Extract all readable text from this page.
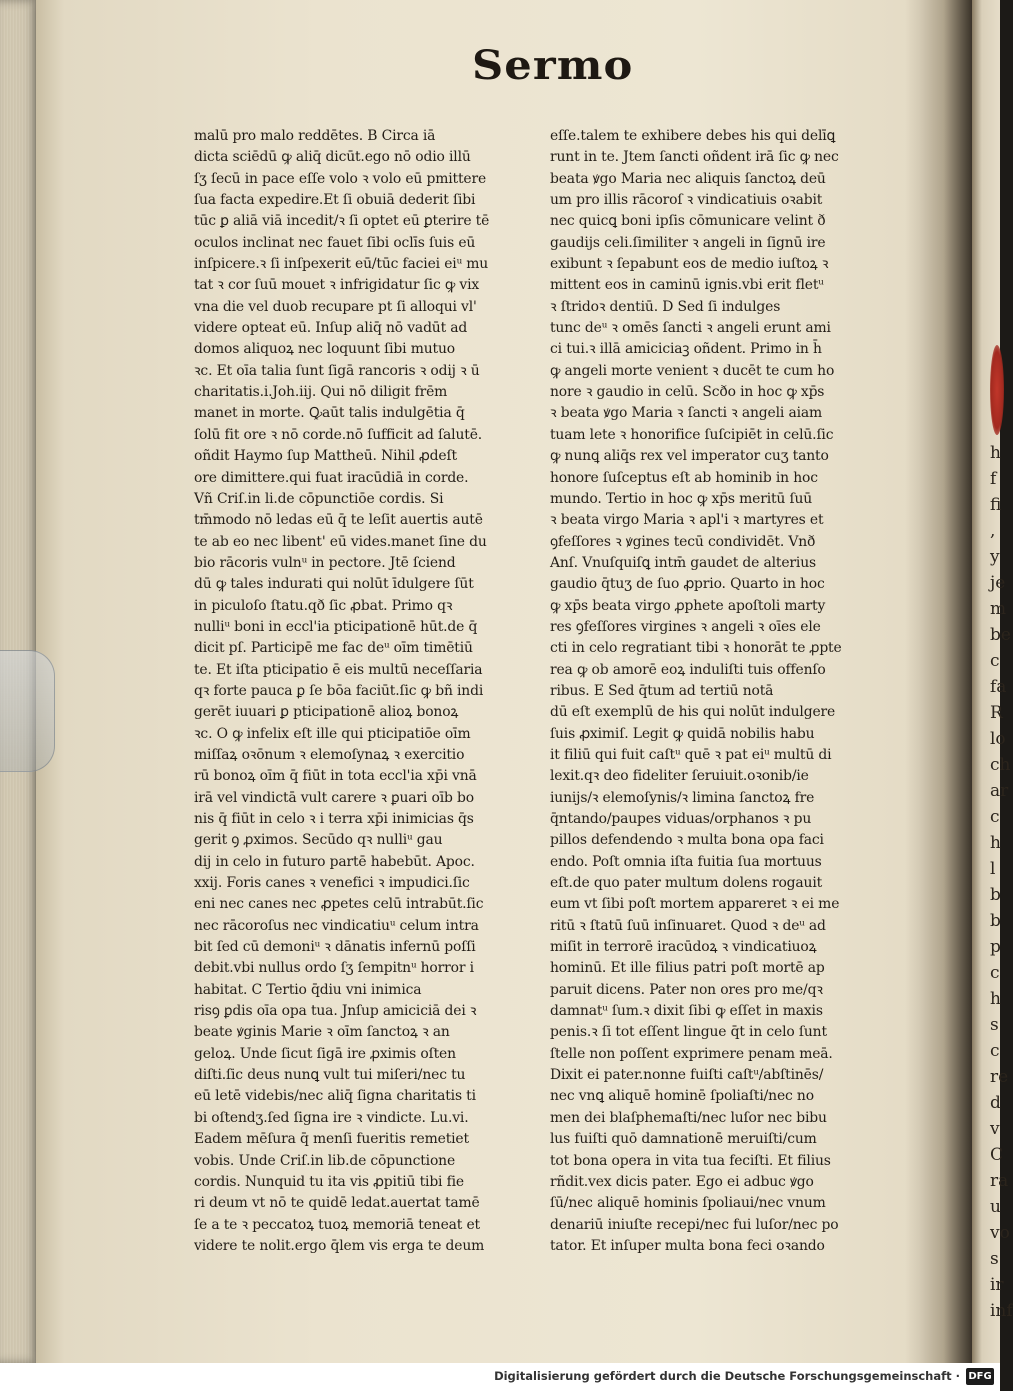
h
f
fi
,
y
je
m
be
c
fa
R
lo
ch
ar
c
h
l
b
b
p
c
h
s
c
re
d
v
C
ra
u
vo
s
ir
inf
Sermo
malū pro malo reddētes. B Circa iā
dicta sciēdū ꝙ aliq̄ dicūt.ego nō odio illū
ſʒ ſecū in pace eſſe volo ꝛ volo eū pmittere
ſua facta expedire.Et ſi obuiā dederit ſibi
tūc ꝑ aliā viā incedit/ꝛ ſi optet eū ꝑterire tē
oculos inclinat nec fauet ſibi oclīs ſuis eū
inſpicere.ꝛ ſi inſpexerit eū/tūc faciei eiᵘ mu
tat ꝛ cor ſuū mouet ꝛ infrigidatur ſic ꝙ vix
vna die vel duob recupare pt ſi alloqui vl'
videre opteat eū. Inſup aliq̄ nō vadūt ad
domos aliquoꝝ nec loquunt ſibi mutuo
ꝛc. Et oīa talia ſunt ſigā rancoris ꝛ odij ꝛ ū
charitatis.i.Joh.iij. Qui nō diligit frēm
manet in morte. Ꝙaūt talis indulgētia q̄
ſolū fit ore ꝛ nō corde.nō ſufficit ad ſalutē.
oñdit Haymo ſup Mattheū. Nihil ꝓdeſt
ore dimittere.qui fuat iracūdiā in corde.
Vñ Criſ.in li.de cōpunctiōe cordis. Si
tm̄modo nō ledas eū q̄ te leſit auertis autē
te ab eo nec libent' eū vides.manet ſine du
bio rācoris vulnᵘ in pectore. Jtē ſciend
dū ꝙ tales indurati qui nolūt īdulgere ſūt
in piculoſo ſtatu.qð ſic ꝓbat. Primo qꝛ
nulliᵘ boni in eccl'ia pticipationē hūt.de q̄
dicit pſ. Participē me fac deᵘ oīm timētiū
te. Et iſta pticipatio ē eis multū neceſſaria
qꝛ forte pauca ꝑ ſe bōa faciūt.ſic ꝙ bñ indi
gerēt iuuari ꝑ pticipationē alioꝝ bonoꝝ
ꝛc. O ꝙ infelix eſt ille qui pticipatiōe oīm
miſſaꝝ oꝛōnum ꝛ elemoſynaꝝ ꝛ exercitio
rū bonoꝝ oīm q̄ fiūt in tota eccl'ia xp̄i vnā
irā vel vindictā vult carere ꝛ ꝑuari oīb bo
nis q̄ fiūt in celo ꝛ i terra xp̄i inimicias q̄s
gerit ꝯ ꝓximos. Secūdo qꝛ nulliᵘ gau
dij in celo in futuro partē habebūt. Apoc.
xxij. Foris canes ꝛ venefici ꝛ impudici.ſic
eni nec canes nec ꝓpetes celū intrabūt.ſic
nec rācoroſus nec vindicatiuᵘ celum intra
bit ſed cū demoniᵘ ꝛ dānatis infernū poſſi
debit.vbi nullus ordo ſʒ ſempitnᵘ horror i
habitat. C Tertio q̄diu vni inimica
risꝯ ꝑdis oīa opa tua. Jnſup amiciciā dei ꝛ
beate ꝟginis Marie ꝛ oīm ſanctoꝝ ꝛ an
geloꝝ. Unde ſicut ſigā ire ꝓximis oſten
diſti.ſic deus nunꝗ vult tui miſeri/nec tu
eū letē videbis/nec aliq̄ ſigna charitatis ti
bi oſtendʒ.ſed ſigna ire ꝛ vindicte. Lu.vi.
Eadem mēſura q̄ menſi fueritis remetiet
vobis. Unde Criſ.in lib.de cōpunctione
cordis. Nunquid tu ita vis ꝓpitiū tibi fie
ri deum vt nō te quidē ledat.auertat tamē
ſe a te ꝛ peccatoꝝ tuoꝝ memoriā teneat et
videre te nolit.ergo q̄lem vis erga te deum
eſſe.talem te exhibere debes his qui delīꝗ
runt in te. Jtem ſancti oñdent irā ſic ꝙ nec
beata ꝟgo Maria nec aliquis ſanctoꝝ deū
um pro illis rācoroſ ꝛ vindicatiuis oꝛabit
nec quicꝗ boni ipſis cōmunicare velint ð
gaudijs celi.ſimiliter ꝛ angeli in ſignū ire
exibunt ꝛ ſepabunt eos de medio iuſtoꝝ ꝛ
mittent eos in caminū ignis.vbi erit fletᵘ
ꝛ ſtridoꝛ dentiū. D Sed ſi indulges
tunc deᵘ ꝛ omēs ſancti ꝛ angeli erunt ami
ci tui.ꝛ illā amiciciaꝫ oñdent. Primo in h̄
ꝙ angeli morte venient ꝛ ducēt te cum ho
nore ꝛ gaudio in celū. Scðo in hoc ꝙ xp̄s
ꝛ beata ꝟgo Maria ꝛ ſancti ꝛ angeli aiam
tuam lete ꝛ honorifice ſuſcipiēt in celū.ſic
ꝙ nunꝗ aliq̄s rex vel imperator cuʒ tanto
honore ſuſceptus eſt ab hominib in hoc
mundo. Tertio in hoc ꝙ xp̄s meritū ſuū
ꝛ beata virgo Maria ꝛ apl'i ꝛ martyres et
ꝯfeſſores ꝛ ꝟgines tecū condividēt. Vnð
Anſ. Vnuſquiſꝗ intm̄ gaudet de alterius
gaudio q̄tuʒ de ſuo ꝓprio. Quarto in hoc
ꝙ xp̄s beata virgo ꝓphete apoſtoli marty
res ꝯfeſſores virgines ꝛ angeli ꝛ oīes ele
cti in celo regratiant tibi ꝛ honorāt te ꝓpte
rea ꝙ ob amorē eoꝝ induliſti tuis offenſo
ribus. E Sed q̄tum ad tertiū notā
dū eſt exemplū de his qui nolūt indulgere
ſuis ꝓximiſ. Legit ꝙ quidā nobilis habu
it filiū qui fuit caſtᵘ quē ꝛ pat eiᵘ multū di
lexit.qꝛ deo fideliter ſeruiuit.oꝛonib/ie
iunijs/ꝛ elemoſynis/ꝛ limina ſanctoꝝ fre
q̄ntando/paupes viduas/orphanos ꝛ pu
pillos defendendo ꝛ multa bona opa faci
endo. Poſt omnia iſta fuitia ſua mortuus
eſt.de quo pater multum dolens rogauit
eum vt ſibi poſt mortem appareret ꝛ ei me
ritū ꝛ ſtatū ſuū inſinuaret. Quod ꝛ deᵘ ad
miſit in terrorē iracūdoꝝ ꝛ vindicatiuoꝝ
hominū. Et ille filius patri poſt mortē ap
paruit dicens. Pater non ores pro me/qꝛ
damnatᵘ ſum.ꝛ dixit ſibi ꝙ eſſet in maxis
penis.ꝛ ſi tot eſſent lingue q̄t in celo ſunt
ſtelle non poſſent exprimere penam meā.
Dixit ei pater.nonne fuiſti caſtᵘ/abſtinēs/
nec vnꝗ aliquē hominē ſpoliaſti/nec no
men dei blaſphemaſti/nec luſor nec bibu
lus fuiſti quō damnationē meruiſti/cum
tot bona opera in vita tua feciſti. Et filius
rñdit.vex dicis pater. Ego ei adbuc ꝟgo
ſū/nec aliquē hominis ſpoliaui/nec vnum
denariū iniuſte recepi/nec fui luſor/nec po
tator. Et inſuper multa bona feci oꝛando
Digitalisierung gefördert durch die Deutsche Forschungsgemeinschaft · DFG
